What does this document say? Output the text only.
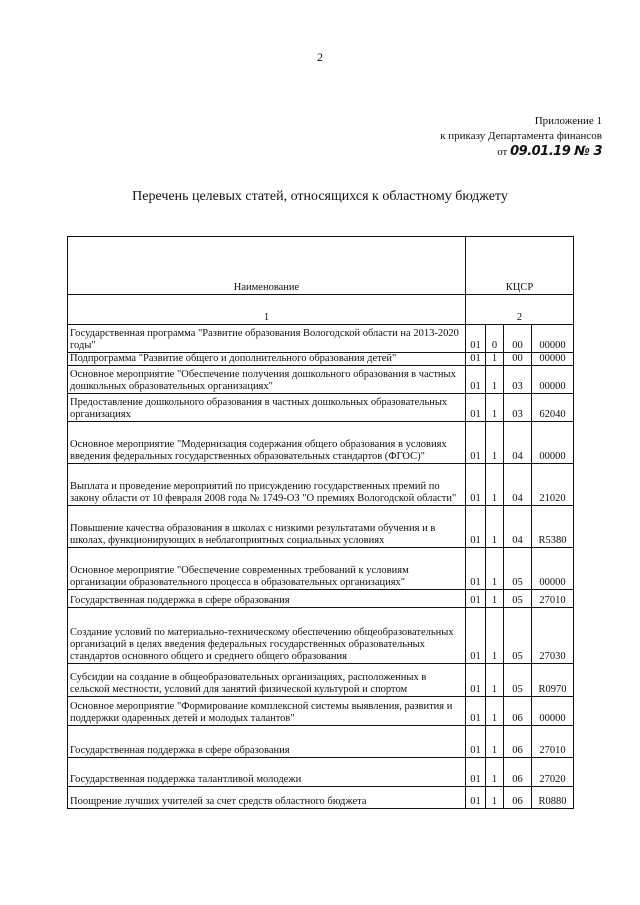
2
Приложение 1
к приказу Департамента финансов
от 09.01.19 № 3
Перечень целевых статей, относящихся к областному бюджету
Наименование	КЦСР			
1	2			
Государственная программа "Развитие образования Вологодской области на 2013-2020 годы"	01	0	00	00000
Подпрограмма "Развитие общего и дополнительного образования детей"	01	1	00	00000
Основное мероприятие "Обеспечение получения дошкольного образования в частных дошкольных образовательных организациях"	01	1	03	00000
Предоставление дошкольного образования в частных дошкольных образовательных организациях	01	1	03	62040
Основное мероприятие "Модернизация содержания общего образования в условиях введения федеральных государственных образовательных стандартов (ФГОС)"	01	1	04	00000
Выплата и проведение мероприятий по присуждению государственных премий по закону области от 10 февраля 2008 года № 1749-ОЗ "О премиях Вологодской области"	01	1	04	21020
Повышение качества образования в школах с низкими результатами обучения и в школах, функционирующих в неблагоприятных социальных условиях	01	1	04	R5380
Основное мероприятие "Обеспечение современных требований к условиям организации образовательного процесса в образовательных организациях"	01	1	05	00000
Государственная поддержка в сфере образования	01	1	05	27010
Создание условий по материально-техническому обеспечению общеобразовательных организаций в целях введения федеральных государственных образовательных стандартов основного общего и среднего общего образования	01	1	05	27030
Субсидии на создание в общеобразовательных организациях, расположенных в сельской местности, условий для занятий физической культурой и спортом	01	1	05	R0970
Основное мероприятие "Формирование комплексной системы выявления, развития и поддержки одаренных детей и молодых талантов"	01	1	06	00000
Государственная поддержка в сфере образования	01	1	06	27010
Государственная поддержка талантливой молодежи	01	1	06	27020
Поощрение лучших учителей за счет средств областного бюджета	01	1	06	R0880
